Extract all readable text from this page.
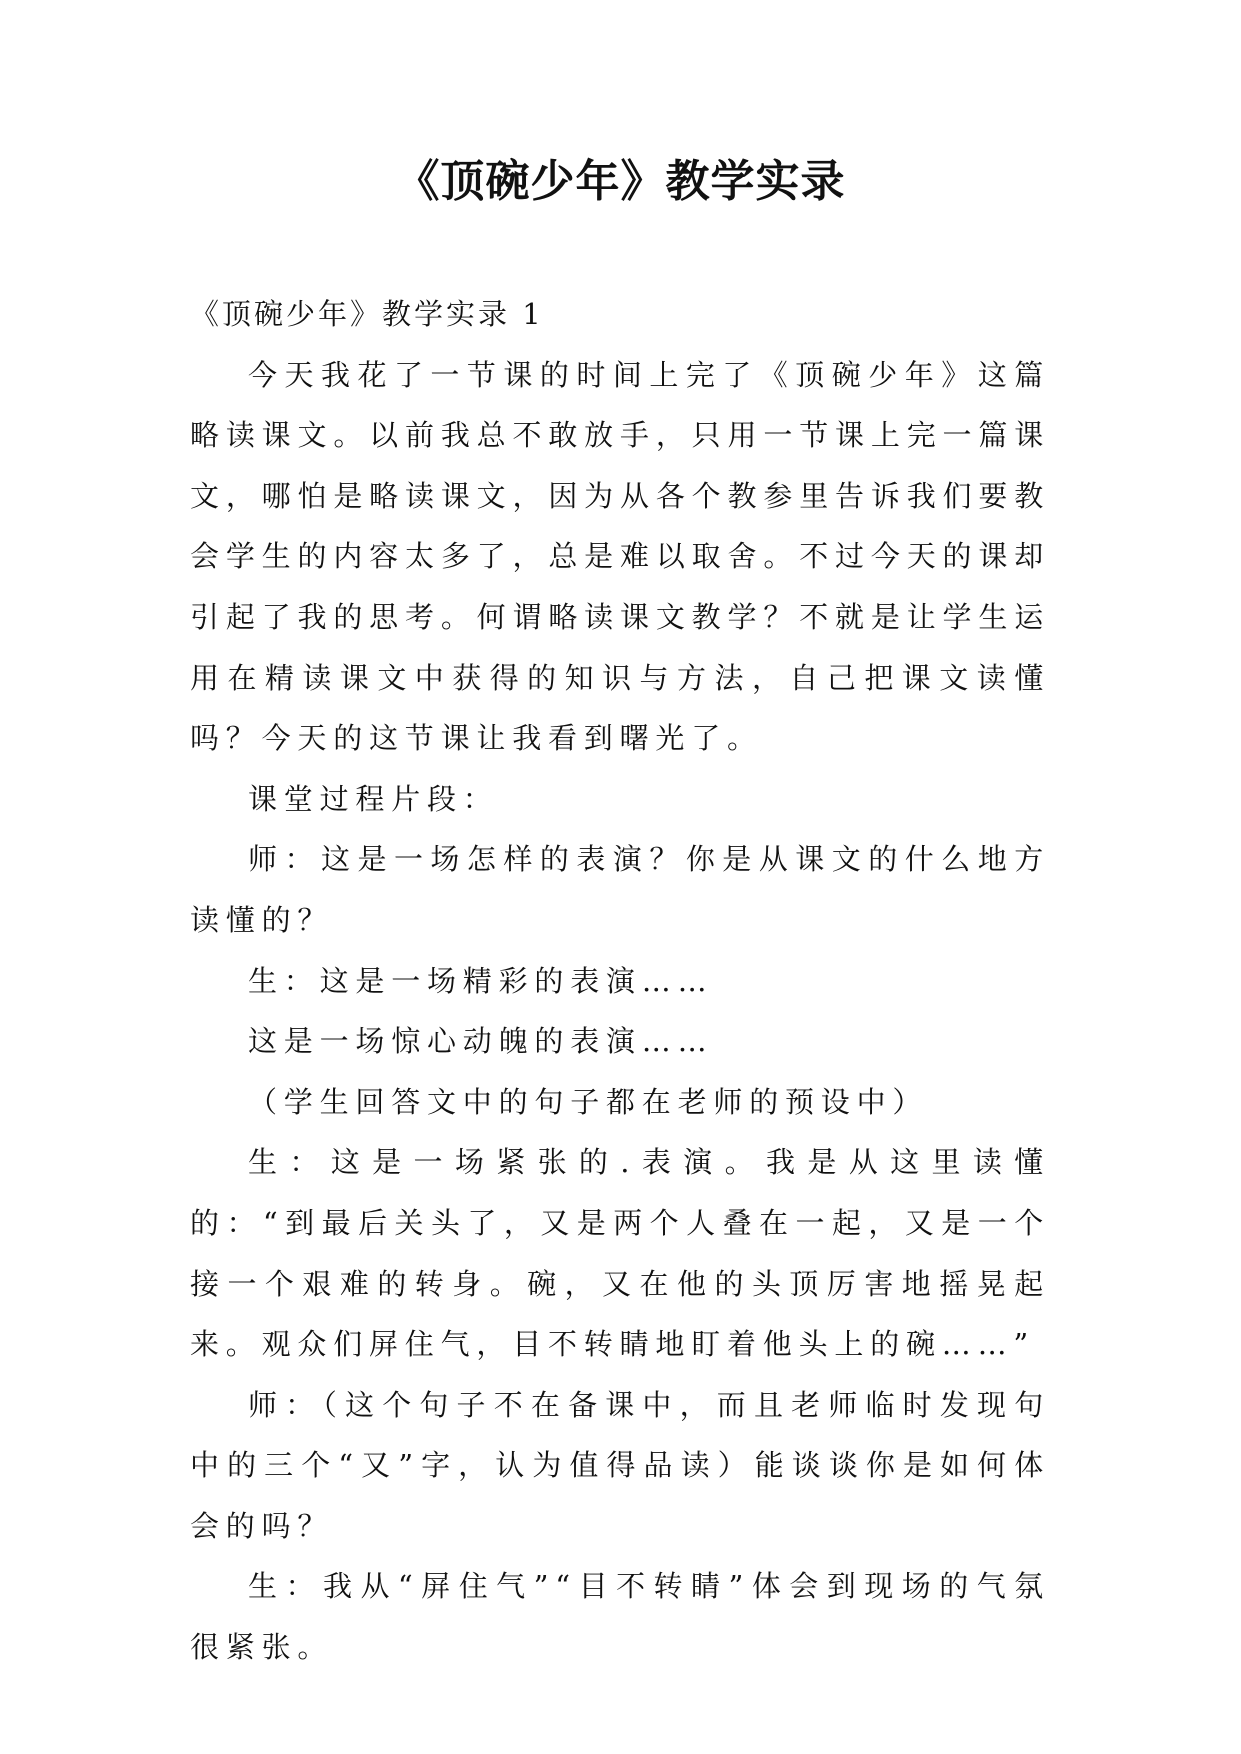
《顶碗少年》教学实录

《顶碗少年》教学实录 1

今天我花了一节课的时间上完了《顶碗少年》这篇略读课文。以前我总不敢放手，只用一节课上完一篇课文，哪怕是略读课文，因为从各个教参里告诉我们要教会学生的内容太多了，总是难以取舍。不过今天的课却引起了我的思考。何谓略读课文教学？不就是让学生运用在精读课文中获得的知识与方法，自己把课文读懂吗？今天的这节课让我看到曙光了。

课堂过程片段：

师：这是一场怎样的表演？你是从课文的什么地方读懂的？

生：这是一场精彩的表演……

这是一场惊心动魄的表演……

（学生回答文中的句子都在老师的预设中）

生：这是一场紧张的.表演。我是从这里读懂的：“到最后关头了，又是两个人叠在一起，又是一个接一个艰难的转身。碗，又在他的头顶厉害地摇晃起来。观众们屏住气，目不转睛地盯着他头上的碗……”

师：（这个句子不在备课中，而且老师临时发现句中的三个“又”字，认为值得品读）能谈谈你是如何体会的吗？

生：我从“屏住气”“目不转睛”体会到现场的气氛很紧张。
